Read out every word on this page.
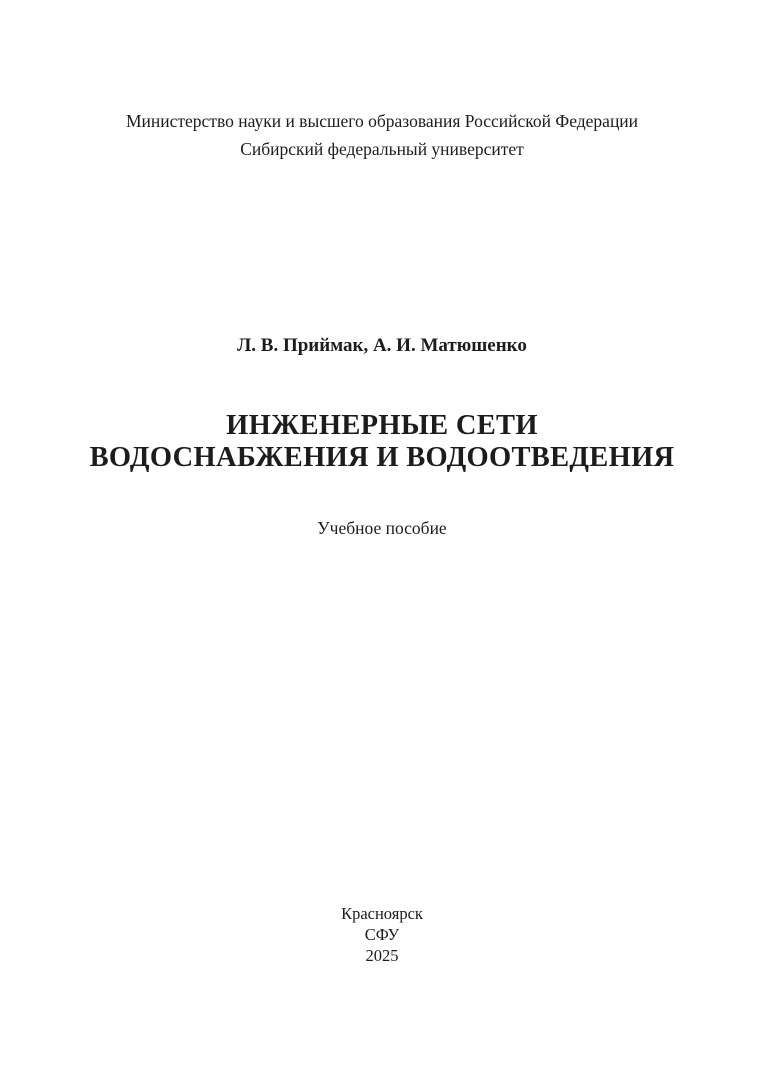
Министерство науки и высшего образования Российской Федерации
Сибирский федеральный университет
Л. В. Приймак, А. И. Матюшенко
ИНЖЕНЕРНЫЕ СЕТИ
ВОДОСНАБЖЕНИЯ И ВОДООТВЕДЕНИЯ
Учебное пособие
Красноярск
СФУ
2025
